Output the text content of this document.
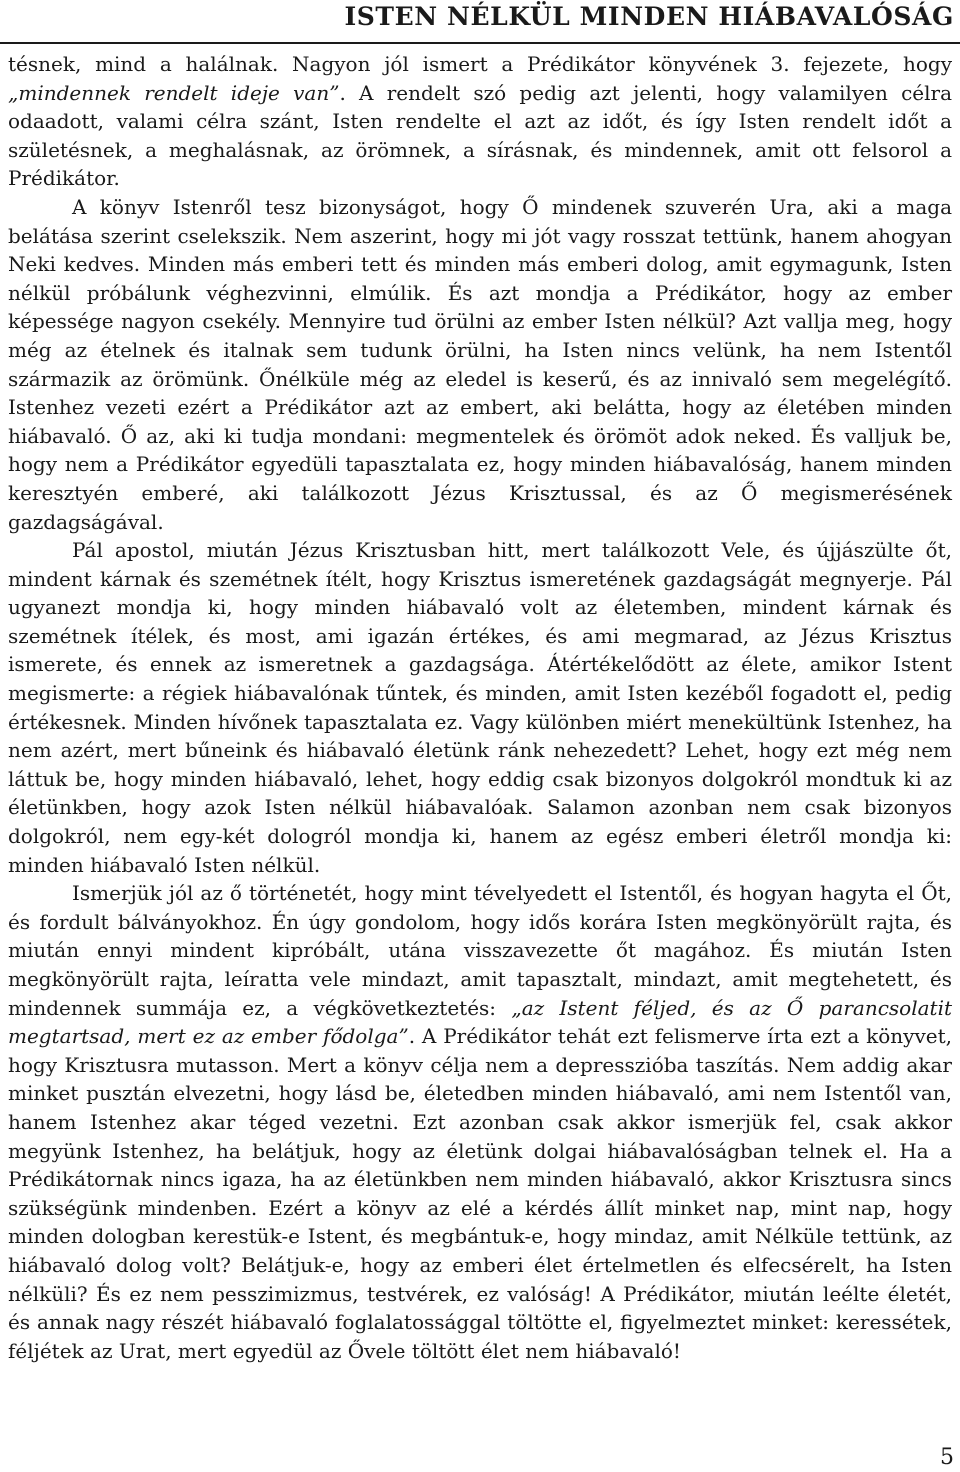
ISTEN NÉLKÜL MINDEN HIÁBAVALÓSÁG

tésnek, mind a halálnak. Nagyon jól ismert a Prédikátor könyvének 3. fejezete, hogy „mindennek rendelt ideje van”. A rendelt szó pedig azt jelenti, hogy valamilyen célra odaadott, valami célra szánt, Isten rendelte el azt az időt, és így Isten rendelt időt a születésnek, a meghalásnak, az örömnek, a sírásnak, és mindennek, amit ott felsorol a Prédikátor.

A könyv Istenről tesz bizonyságot, hogy Ő mindenek szuverén Ura, aki a maga belátása szerint cselekszik. Nem aszerint, hogy mi jót vagy rosszat tettünk, hanem ahogyan Neki kedves. Minden más emberi tett és minden más emberi dolog, amit egymagunk, Isten nélkül próbálunk véghezvinni, elmúlik. És azt mondja a Prédikátor, hogy az ember képessége nagyon csekély. Mennyire tud örülni az ember Isten nélkül? Azt vallja meg, hogy még az ételnek és italnak sem tudunk örülni, ha Isten nincs velünk, ha nem Istentől származik az örömünk. Őnélküle még az eledel is keserű, és az innivaló sem megelégítő. Istenhez vezeti ezért a Prédikátor azt az embert, aki belátta, hogy az életében minden hiábavaló. Ő az, aki ki tudja mondani: megmentelek és örömöt adok neked. És valljuk be, hogy nem a Prédikátor egyedüli tapasztalata ez, hogy minden hiábavalóság, hanem minden keresztyén emberé, aki találkozott Jézus Krisztussal, és az Ő megismerésének gazdagságával.

Pál apostol, miután Jézus Krisztusban hitt, mert találkozott Vele, és újjászülte őt, mindent kárnak és szemétnek ítélt, hogy Krisztus ismeretének gazdagságát megnyerje. Pál ugyanezt mondja ki, hogy minden hiábavaló volt az életemben, mindent kárnak és szemétnek ítélek, és most, ami igazán értékes, és ami megmarad, az Jézus Krisztus ismerete, és ennek az ismeretnek a gazdagsága. Átértékelődött az élete, amikor Istent megismerte: a régiek hiábavalónak tűntek, és minden, amit Isten kezéből fogadott el, pedig értékesnek. Minden hívőnek tapasztalata ez. Vagy különben miért menekültünk Istenhez, ha nem azért, mert bűneink és hiábavaló életünk ránk nehezedett? Lehet, hogy ezt még nem láttuk be, hogy minden hiábavaló, lehet, hogy eddig csak bizonyos dolgokról mondtuk ki az életünkben, hogy azok Isten nélkül hiábavalóak. Salamon azonban nem csak bizonyos dolgokról, nem egy-két dologról mondja ki, hanem az egész emberi életről mondja ki: minden hiábavaló Isten nélkül.

Ismerjük jól az ő történetét, hogy mint tévelyedett el Istentől, és hogyan hagyta el Őt, és fordult bálványokhoz. Én úgy gondolom, hogy idős korára Isten megkönyörült rajta, és miután ennyi mindent kipróbált, utána visszavezette őt magához. És miután Isten megkönyörült rajta, leíratta vele mindazt, amit tapasztalt, mindazt, amit megtehetett, és mindennek summája ez, a végkövetkeztetés: „az Istent féljed, és az Ő parancsolatit megtartsad, mert ez az ember fődolga”. A Prédikátor tehát ezt felismerve írta ezt a könyvet, hogy Krisztusra mutasson. Mert a könyv célja nem a depresszióba taszítás. Nem addig akar minket pusztán elvezetni, hogy lásd be, életedben minden hiábavaló, ami nem Istentől van, hanem Istenhez akar téged vezetni. Ezt azonban csak akkor ismerjük fel, csak akkor megyünk Istenhez, ha belátjuk, hogy az életünk dolgai hiábavalóságban telnek el. Ha a Prédikátornak nincs igaza, ha az életünkben nem minden hiábavaló, akkor Krisztusra sincs szükségünk mindenben. Ezért a könyv az elé a kérdés állít minket nap, mint nap, hogy minden dologban kerestük-e Istent, és megbántuk-e, hogy mindaz, amit Nélküle tettünk, az hiábavaló dolog volt? Belátjuk-e, hogy az emberi élet értelmetlen és elfecsérelt, ha Isten nélküli? És ez nem pesszimizmus, testvérek, ez valóság! A Prédikátor, miután leélte életét, és annak nagy részét hiábavaló foglalatossággal töltötte el, figyelmeztet minket: keressétek, féljétek az Urat, mert egyedül az Ővele töltött élet nem hiábavaló!

5
